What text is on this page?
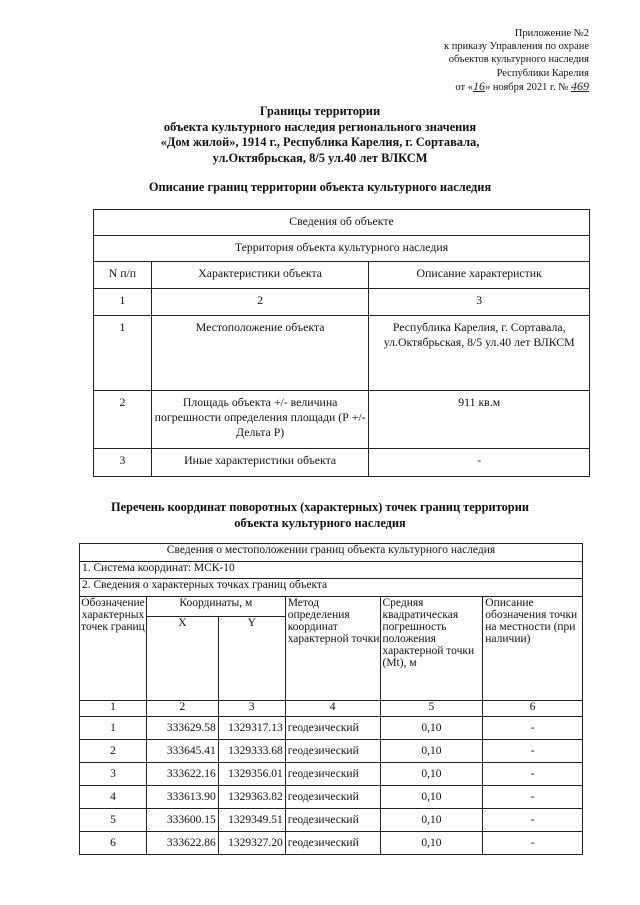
Приложение №2
к приказу Управления по охране
объектов культурного наследия
Республики Карелия
от «16» ноября 2021 г. № 469
Границы территории
объекта культурного наследия регионального значения
«Дом жилой», 1914 г., Республика Карелия, г. Сортавала,
ул.Октябрьская, 8/5 ул.40 лет ВЛКСМ
Описание границ территории объекта культурного наследия
Сведения об объекте		
Территория объекта культурного наследия		
N п/п	Характеристики объекта	Описание характеристик
1	2	3
1	Местоположение объекта	Республика Карелия, г. Сортавала, ул.Октябрьская, 8/5 ул.40 лет ВЛКСМ
2	Площадь объекта +/- величина погрешности определения площади (Р +/- Дельта Р)	911 кв.м
3	Иные характеристики объекта	-
Перечень координат поворотных (характерных) точек границ территории
объекта культурного наследия
Сведения о местоположении границ объекта культурного наследия					
1. Система координат: МСК-10					
2. Сведения о характерных точках границ объекта					
Обозначение характерных точек границ	Координаты, м		Метод определения координат характерной точки	Средняя квадратическая погрешность положения характерной точки (Mt), м	Описание обозначения точки на местности (при наличии)
	X	Y			
1	2	3	4	5	6
1	333629.58	1329317.13	геодезический	0,10	-
2	333645.41	1329333.68	геодезический	0,10	-
3	333622.16	1329356.01	геодезический	0,10	-
4	333613.90	1329363.82	геодезический	0,10	-
5	333600.15	1329349.51	геодезический	0,10	-
6	333622.86	1329327.20	геодезический	0,10	-
